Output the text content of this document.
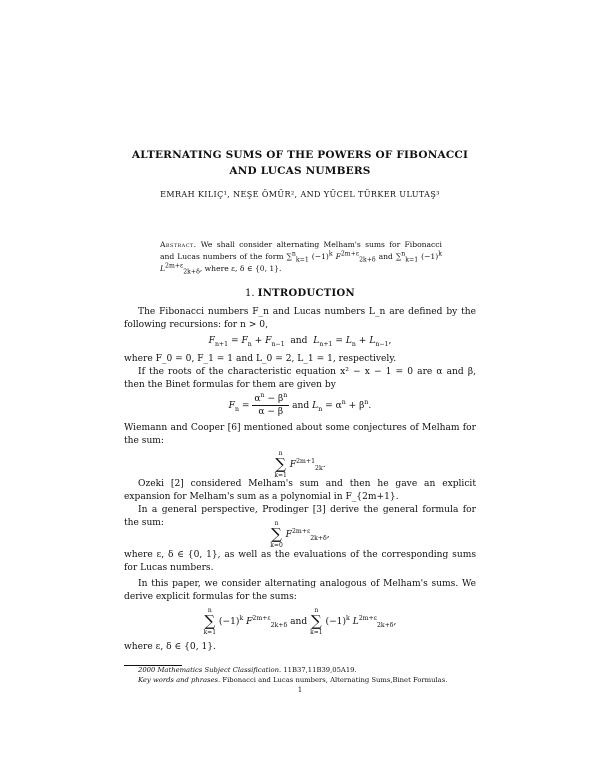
ALTERNATING SUMS OF THE POWERS OF FIBONACCI AND LUCAS NUMBERS
EMRAH KILIÇ¹, NEŞE ÖMÜR², AND YÜCEL TÜRKER ULUTAŞ³
Abstract. We shall consider alternating Melham's sums for Fibonacci and Lucas numbers of the form ∑$^n_{k=1}$ $(-1)^k$ $F^{2m+\varepsilon}_{2k+\delta}$ and ∑$^n_{k=1}$ $(-1)^k$ $L^{2m+\varepsilon}_{2k+\delta}$, where ε, δ ∈ {0, 1}.
1. INTRODUCTION
The Fibonacci numbers F_n and Lucas numbers L_n are defined by the following recursions: for n > 0,
$F_{n+1} = F_n + F_{n-1}$ and $L_{n+1} = L_n + L_{n-1}$,
where F_0 = 0, F_1 = 1 and L_0 = 2, L_1 = 1, respectively.
If the roots of the characteristic equation x² − x − 1 = 0 are α and β, then the Binet formulas for them are given by
$F_n = \frac{\alpha^n - \beta^n}{\alpha - \beta}$ and $L_n = \alpha^n + \beta^n$.
Wiemann and Cooper [6] mentioned about some conjectures of Melham for the sum:
n
∑
k=1
$F^{2m+1}_{2k}$.
Ozeki [2] considered Melham's sum and then he gave an explicit expansion for Melham's sum as a polynomial in F_{2m+1}.
In a general perspective, Prodinger [3] derive the general formula for the sum:	n
∑
k=0
$F^{2m+\varepsilon}_{2k+\delta}$,
where ε, δ ∈ {0, 1}, as well as the evaluations of the corresponding sums for Lucas numbers.
In this paper, we consider alternating analogous of Melham's sums. We derive explicit formulas for the sums:
n
∑
k=1
$(-1)^k$ $F^{2m+\varepsilon}_{2k+\delta}$ and
n
∑
k=1
$(-1)^k$ $L^{2m+\varepsilon}_{2k+\delta}$,
where ε, δ ∈ {0, 1}.
2000 Mathematics Subject Classification. 11B37,11B39,05A19.
Key words and phrases. Fibonacci and Lucas numbers, Alternating Sums,Binet Formulas.
1
